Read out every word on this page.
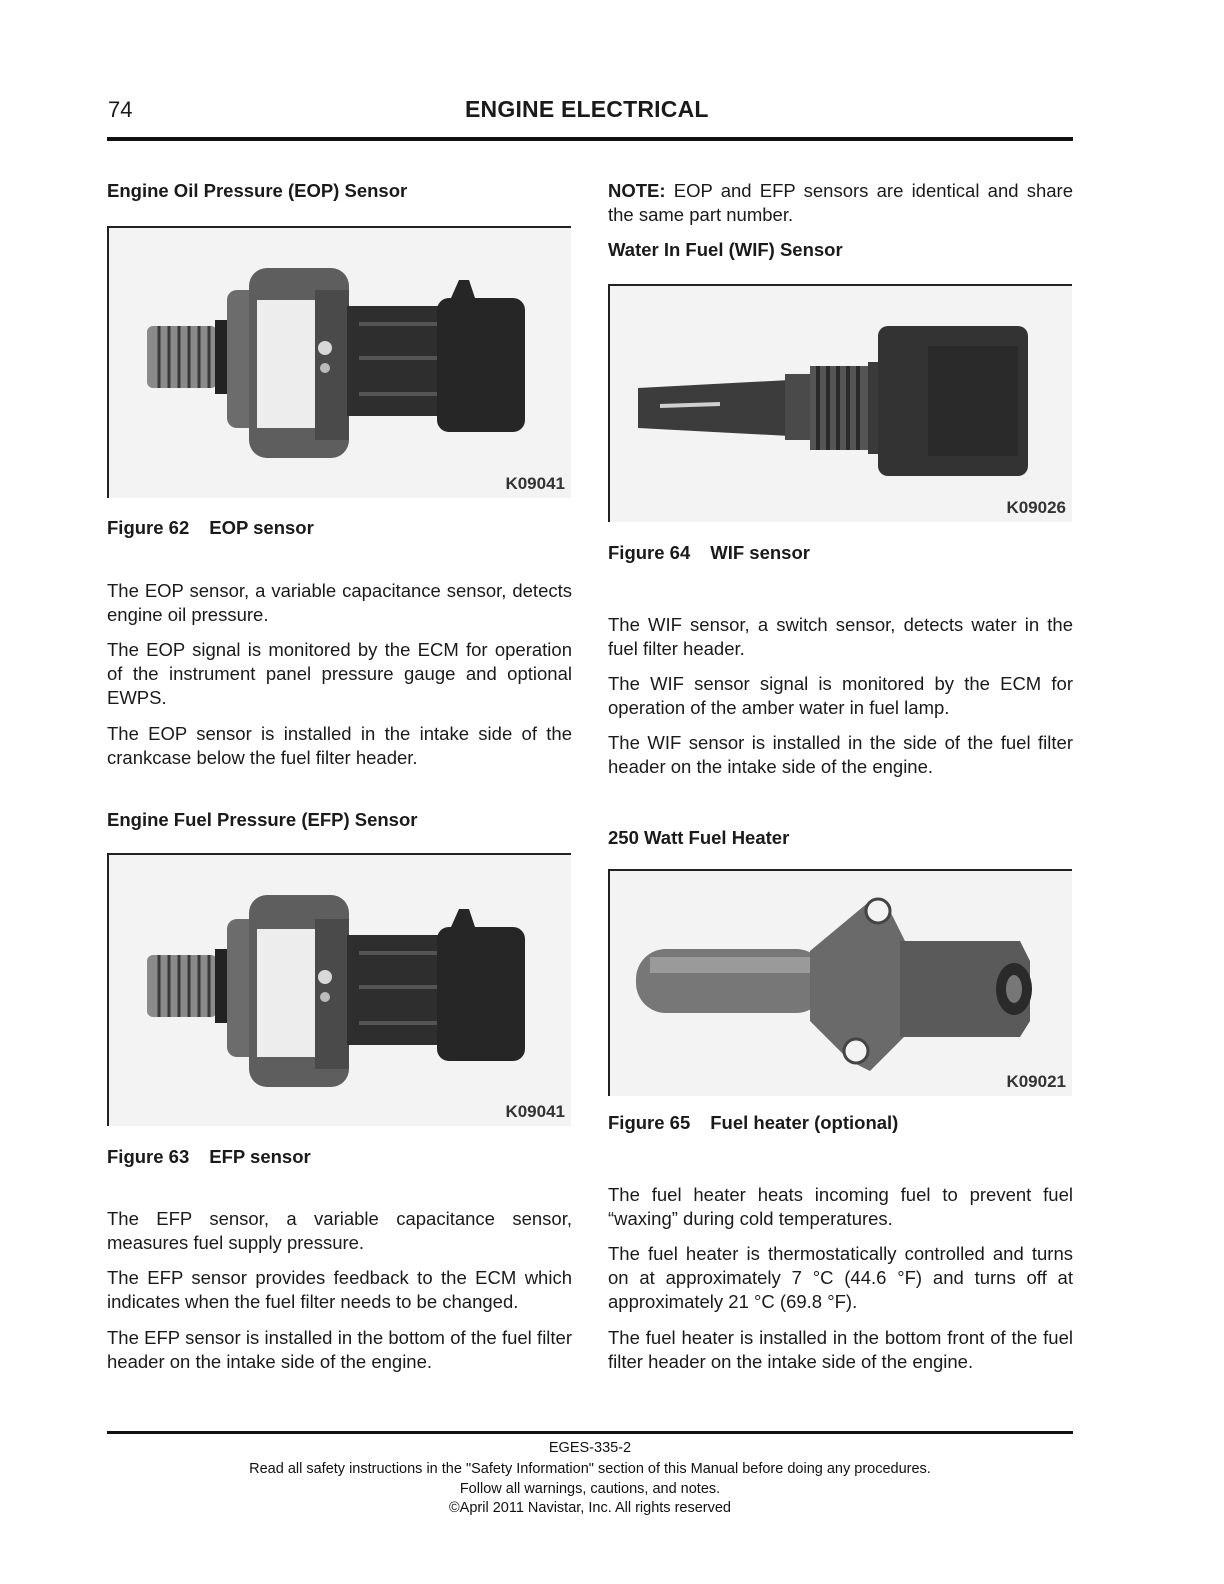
74	ENGINE ELECTRICAL
Engine Oil Pressure (EOP) Sensor
K09041
Figure 62 EOP sensor
The EOP sensor, a variable capacitance sensor, detects engine oil pressure.
The EOP signal is monitored by the ECM for operation of the instrument panel pressure gauge and optional EWPS.
The EOP sensor is installed in the intake side of the crankcase below the fuel filter header.
Engine Fuel Pressure (EFP) Sensor
K09041
Figure 63 EFP sensor
The EFP sensor, a variable capacitance sensor, measures fuel supply pressure.
The EFP sensor provides feedback to the ECM which indicates when the fuel filter needs to be changed.
The EFP sensor is installed in the bottom of the fuel filter header on the intake side of the engine.
NOTE: EOP and EFP sensors are identical and share the same part number.
Water In Fuel (WIF) Sensor
K09026
Figure 64 WIF sensor
The WIF sensor, a switch sensor, detects water in the fuel filter header.
The WIF sensor signal is monitored by the ECM for operation of the amber water in fuel lamp.
The WIF sensor is installed in the side of the fuel filter header on the intake side of the engine.
250 Watt Fuel Heater
K09021
Figure 65 Fuel heater (optional)
The fuel heater heats incoming fuel to prevent fuel “waxing” during cold temperatures.
The fuel heater is thermostatically controlled and turns on at approximately 7 °C (44.6 °F) and turns off at approximately 21 °C (69.8 °F).
The fuel heater is installed in the bottom front of the fuel filter header on the intake side of the engine.
EGES-335-2
Read all safety instructions in the "Safety Information" section of this Manual before doing any procedures.
Follow all warnings, cautions, and notes.
©April 2011 Navistar, Inc. All rights reserved
